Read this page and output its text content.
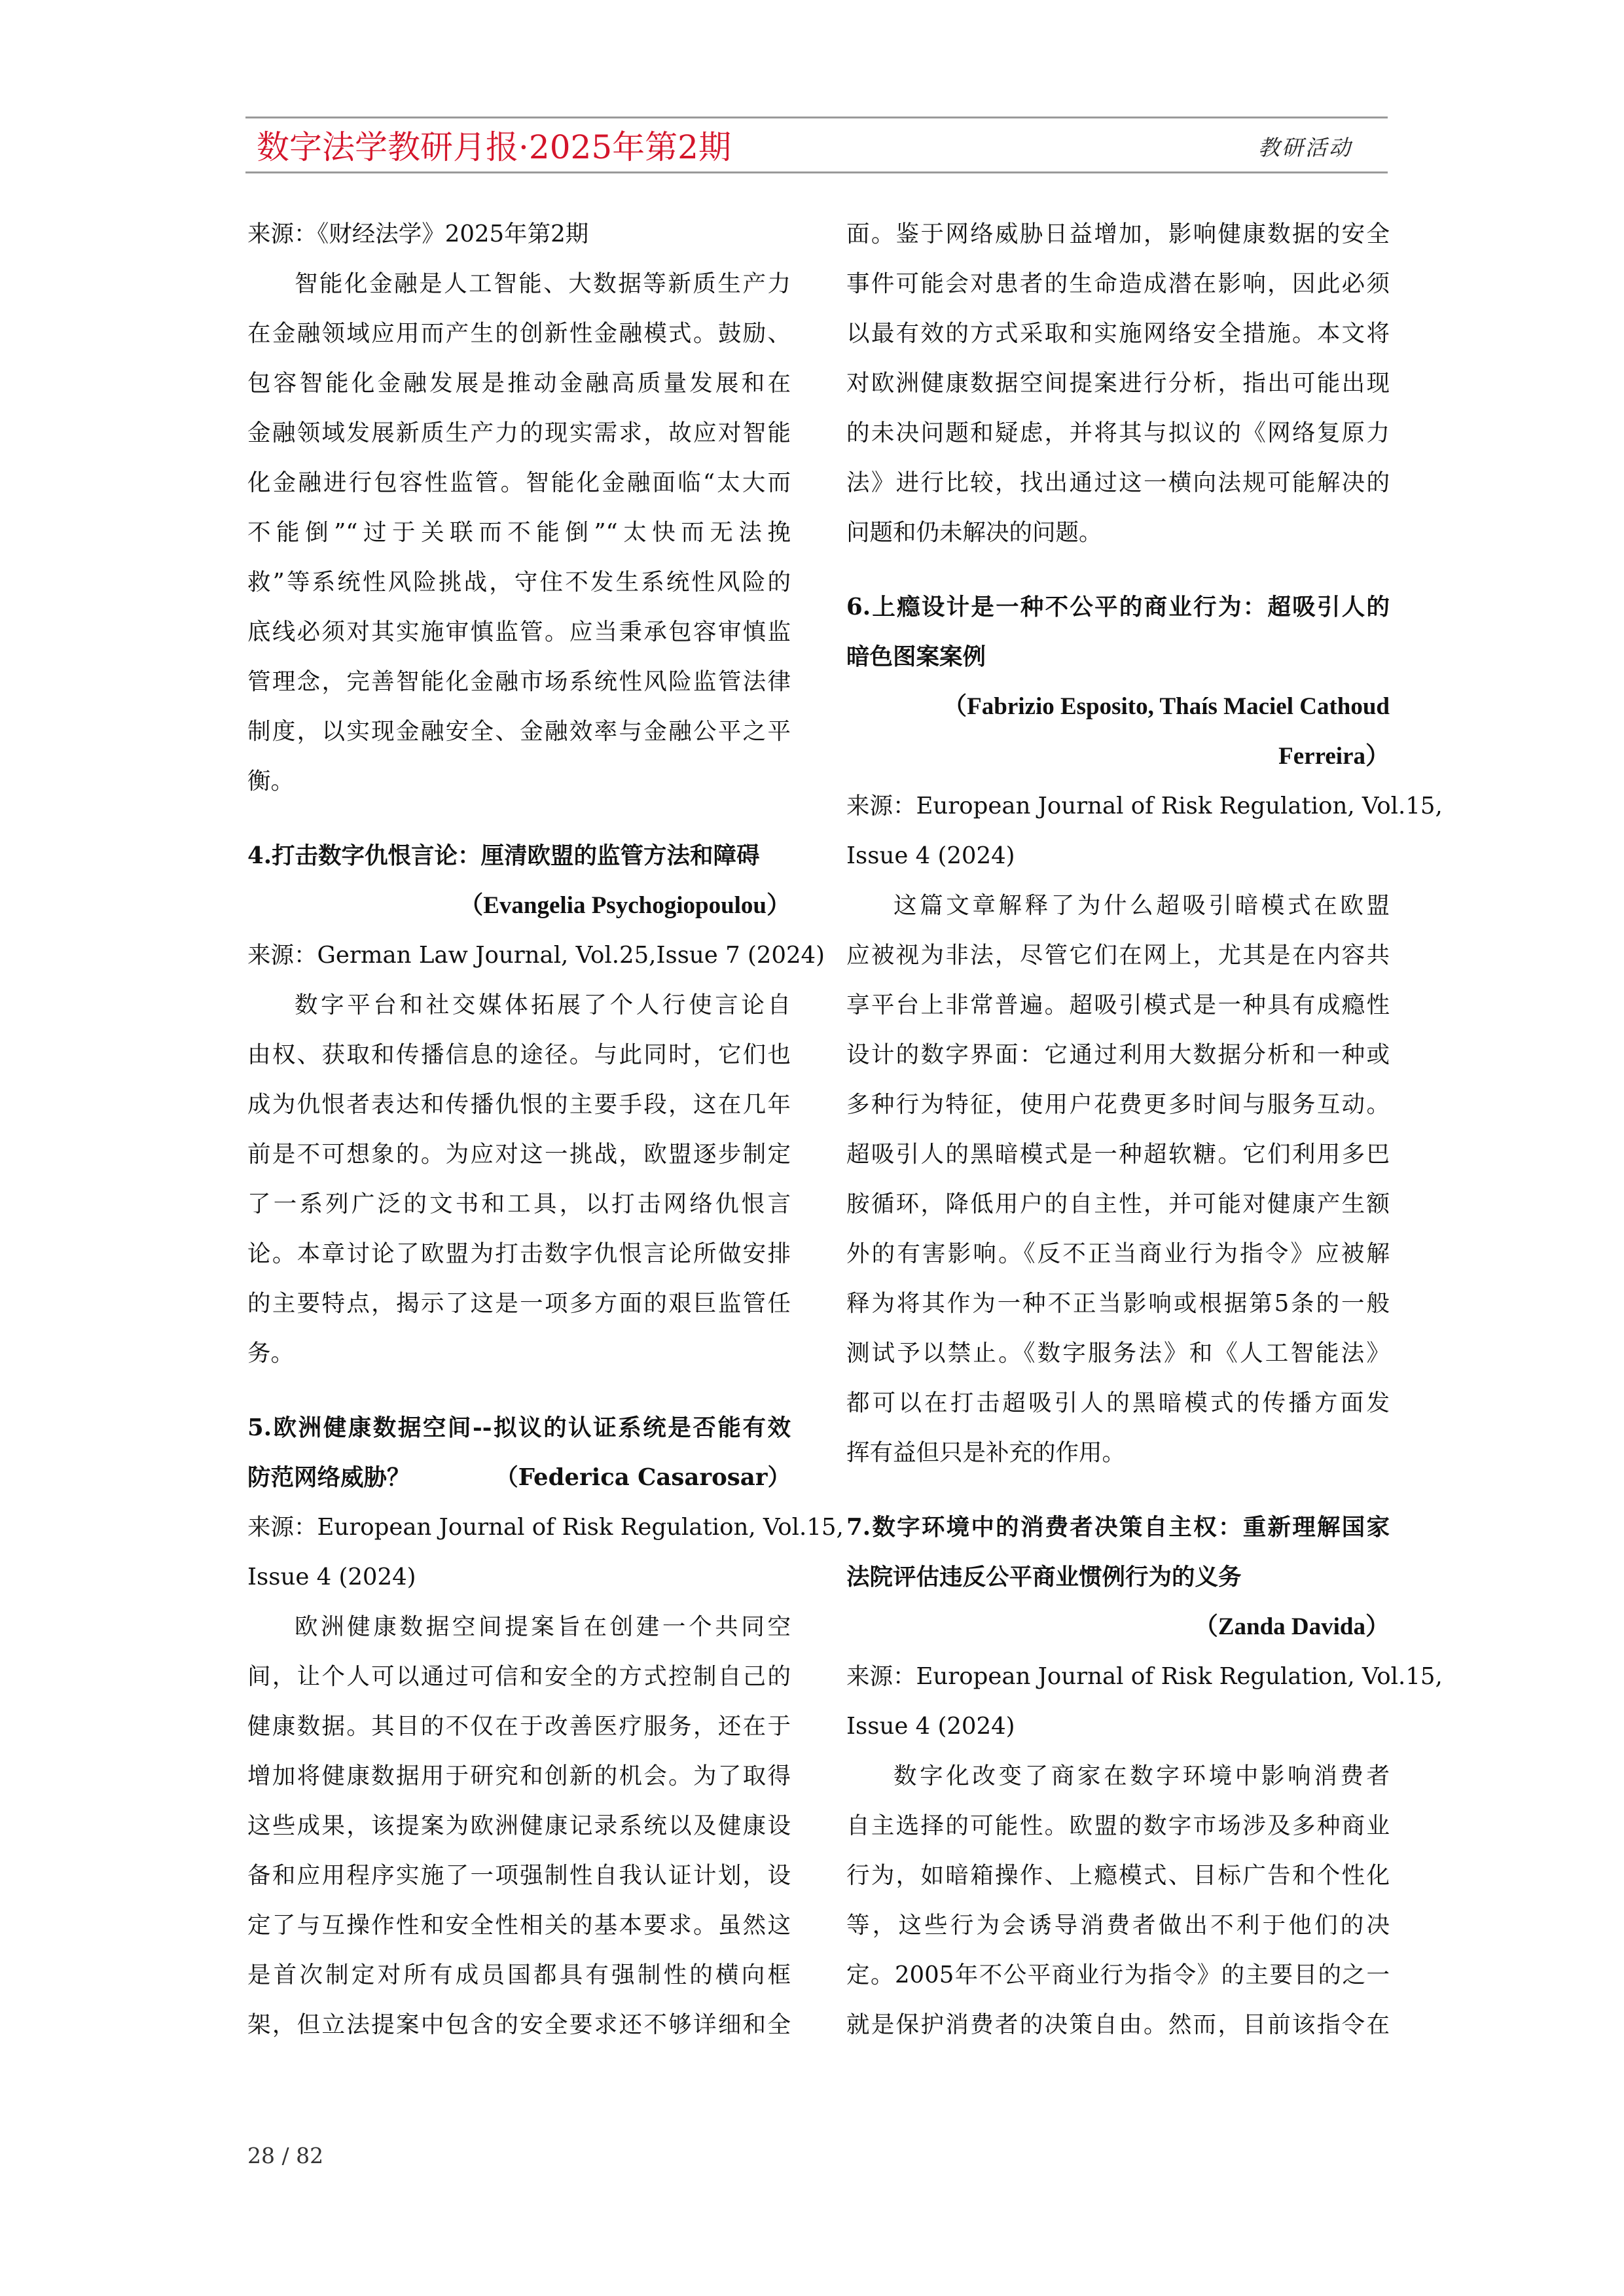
数字法学教研月报·2025年第2期	教研活动
来源：《财经法学》2025年第2期
智能化金融是人工智能、大数据等新质生产力
在金融领域应用而产生的创新性金融模式。鼓励、
包容智能化金融发展是推动金融高质量发展和在
金融领域发展新质生产力的现实需求，故应对智能
化金融进行包容性监管。智能化金融面临“太大而
不能倒”“过于关联而不能倒”“太快而无法挽
救”等系统性风险挑战，守住不发生系统性风险的
底线必须对其实施审慎监管。应当秉承包容审慎监
管理念，完善智能化金融市场系统性风险监管法律
制度，以实现金融安全、金融效率与金融公平之平
衡。
4.打击数字仇恨言论：厘清欧盟的监管方法和障碍
（Evangelia Psychogiopoulou）
来源：German Law Journal, Vol.25,Issue 7 (2024)
数字平台和社交媒体拓展了个人行使言论自
由权、获取和传播信息的途径。与此同时，它们也
成为仇恨者表达和传播仇恨的主要手段，这在几年
前是不可想象的。为应对这一挑战，欧盟逐步制定
了一系列广泛的文书和工具，以打击网络仇恨言
论。本章讨论了欧盟为打击数字仇恨言论所做安排
的主要特点，揭示了这是一项多方面的艰巨监管任
务。
5.欧洲健康数据空间--拟议的认证系统是否能有效
防范网络威胁？	（Federica Casarosar）
来源：European Journal of Risk Regulation, Vol.15,
Issue 4 (2024)
欧洲健康数据空间提案旨在创建一个共同空
间，让个人可以通过可信和安全的方式控制自己的
健康数据。其目的不仅在于改善医疗服务，还在于
增加将健康数据用于研究和创新的机会。为了取得
这些成果，该提案为欧洲健康记录系统以及健康设
备和应用程序实施了一项强制性自我认证计划，设
定了与互操作性和安全性相关的基本要求。虽然这
是首次制定对所有成员国都具有强制性的横向框
架，但立法提案中包含的安全要求还不够详细和全
面。鉴于网络威胁日益增加，影响健康数据的安全
事件可能会对患者的生命造成潜在影响，因此必须
以最有效的方式采取和实施网络安全措施。本文将
对欧洲健康数据空间提案进行分析，指出可能出现
的未决问题和疑虑，并将其与拟议的《网络复原力
法》进行比较，找出通过这一横向法规可能解决的
问题和仍未解决的问题。
6.上瘾设计是一种不公平的商业行为：超吸引人的
暗色图案案例
（Fabrizio Esposito, Thaís Maciel Cathoud
Ferreira）
来源：European Journal of Risk Regulation, Vol.15,
Issue 4 (2024)
这篇文章解释了为什么超吸引暗模式在欧盟
应被视为非法，尽管它们在网上，尤其是在内容共
享平台上非常普遍。超吸引模式是一种具有成瘾性
设计的数字界面：它通过利用大数据分析和一种或
多种行为特征，使用户花费更多时间与服务互动。
超吸引人的黑暗模式是一种超软糖。它们利用多巴
胺循环，降低用户的自主性，并可能对健康产生额
外的有害影响。《反不正当商业行为指令》应被解
释为将其作为一种不正当影响或根据第5条的一般
测试予以禁止。《数字服务法》和《人工智能法》
都可以在打击超吸引人的黑暗模式的传播方面发
挥有益但只是补充的作用。
7.数字环境中的消费者决策自主权：重新理解国家
法院评估违反公平商业惯例行为的义务
（Zanda Davida）
来源：European Journal of Risk Regulation, Vol.15,
Issue 4 (2024)
数字化改变了商家在数字环境中影响消费者
自主选择的可能性。欧盟的数字市场涉及多种商业
行为，如暗箱操作、上瘾模式、目标广告和个性化
等，这些行为会诱导消费者做出不利于他们的决
定。2005年不公平商业行为指令》的主要目的之一
就是保护消费者的决策自由。然而，目前该指令在
28 / 82
